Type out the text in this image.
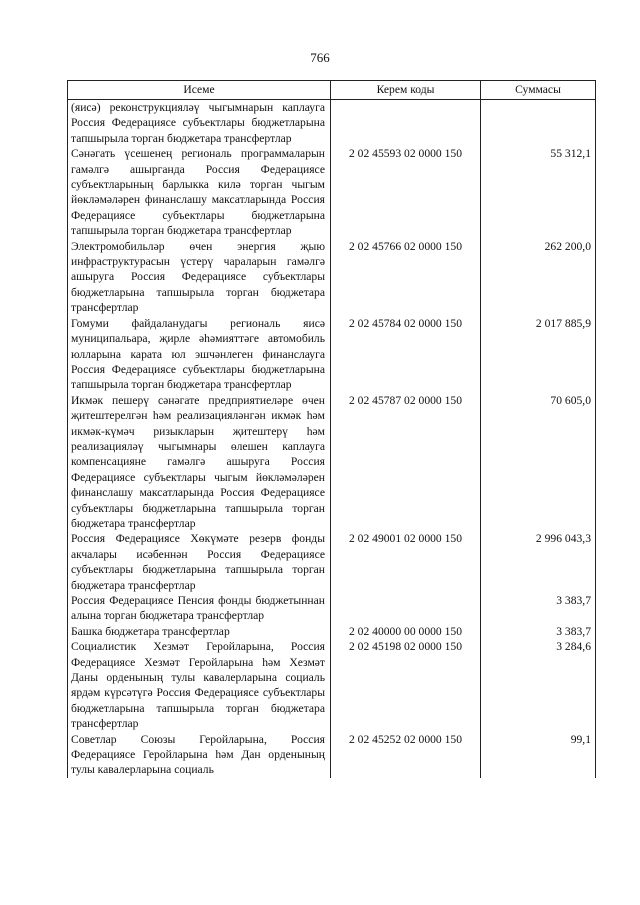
766
Исеме	Керем коды	Суммасы
(яисә) реконструкцияләү чыгымнарын каплауга Россия Федерациясе субъектлары бюджетларына тапшырыла торган бюджетара трансфертлар		
Сәнәгать үсешенең региональ программаларын гамәлгә ашырганда Россия Федерациясе субъектларының барлыкка килә торган чыгым йөкләмәләрен финанслашу максатларында Россия Федерациясе субъектлары бюджетларына тапшырыла торган бюджетара трансфертлар	2 02 45593 02 0000 150	55 312,1
Электромобильләр өчен энергия җыю инфраструктурасын үстерү чараларын гамәлгә ашыруга Россия Федерациясе субъектлары бюджетларына тапшырыла торган бюджетара трансфертлар	2 02 45766 02 0000 150	262 200,0
Гомуми файдаланудагы региональ яисә муниципальара, җирле әһәмияттәге автомобиль юлларына карата юл эшчәнлеген финанслауга Россия Федерациясе субъектлары бюджетларына тапшырыла торган бюджетара трансфертлар	2 02 45784 02 0000 150	2 017 885,9
Икмәк пешерү сәнәгате предприятиеләре өчен җитештерелгән һәм реализацияләнгән икмәк һәм икмәк-күмәч ризыкларын җитештерү һәм реализацияләү чыгымнары өлешен каплауга компенсацияне гамәлгә ашыруга Россия Федерациясе субъектлары чыгым йөкләмәләрен финанслашу максатларында Россия Федерациясе субъектлары бюджетларына тапшырыла торган бюджетара трансфертлар	2 02 45787 02 0000 150	70 605,0
Россия Федерациясе Хөкүмәте резерв фонды акчалары исәбеннән Россия Федерациясе субъектлары бюджетларына тапшырыла торган бюджетара трансфертлар	2 02 49001 02 0000 150	2 996 043,3
Россия Федерациясе Пенсия фонды бюджетыннан алына торган бюджетара трансфертлар		3 383,7
Башка бюджетара трансфертлар	2 02 40000 00 0000 150	3 383,7
Социалистик Хезмәт Геройларына, Россия Федерациясе Хезмәт Геройларына һәм Хезмәт Даны орденының тулы кавалерларына социаль ярдәм күрсәтүгә Россия Федерациясе субъектлары бюджетларына тапшырыла торган бюджетара трансфертлар	2 02 45198 02 0000 150	3 284,6
Советлар Союзы Геройларына, Россия Федерациясе Геройларына һәм Дан орденының тулы кавалерларына социаль	2 02 45252 02 0000 150	99,1
